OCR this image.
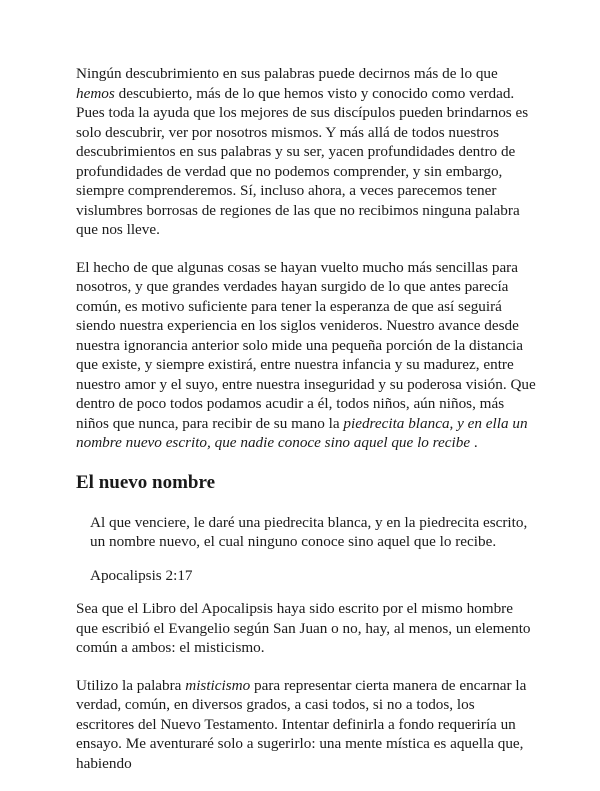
Ningún descubrimiento en sus palabras puede decirnos más de lo que hemos descubierto, más de lo que hemos visto y conocido como verdad. Pues toda la ayuda que los mejores de sus discípulos pueden brindarnos es solo descubrir, ver por nosotros mismos. Y más allá de todos nuestros descubrimientos en sus palabras y su ser, yacen profundidades dentro de profundidades de verdad que no podemos comprender, y sin embargo, siempre comprenderemos. Sí, incluso ahora, a veces parecemos tener vislumbres borrosas de regiones de las que no recibimos ninguna palabra que nos lleve.

El hecho de que algunas cosas se hayan vuelto mucho más sencillas para nosotros, y que grandes verdades hayan surgido de lo que antes parecía común, es motivo suficiente para tener la esperanza de que así seguirá siendo nuestra experiencia en los siglos venideros. Nuestro avance desde nuestra ignorancia anterior solo mide una pequeña porción de la distancia que existe, y siempre existirá, entre nuestra infancia y su madurez, entre nuestro amor y el suyo, entre nuestra inseguridad y su poderosa visión. Que dentro de poco todos podamos acudir a él, todos niños, aún niños, más niños que nunca, para recibir de su mano la piedrecita blanca, y en ella un nombre nuevo escrito, que nadie conoce sino aquel que lo recibe .

El nuevo nombre

Al que venciere, le daré una piedrecita blanca, y en la piedrecita escrito, un nombre nuevo, el cual ninguno conoce sino aquel que lo recibe.

Apocalipsis 2:17

Sea que el Libro del Apocalipsis haya sido escrito por el mismo hombre que escribió el Evangelio según San Juan o no, hay, al menos, un elemento común a ambos: el misticismo.

Utilizo la palabra misticismo para representar cierta manera de encarnar la verdad, común, en diversos grados, a casi todos, si no a todos, los escritores del Nuevo Testamento. Intentar definirla a fondo requeriría un ensayo. Me aventuraré solo a sugerirlo: una mente mística es aquella que, habiendo
